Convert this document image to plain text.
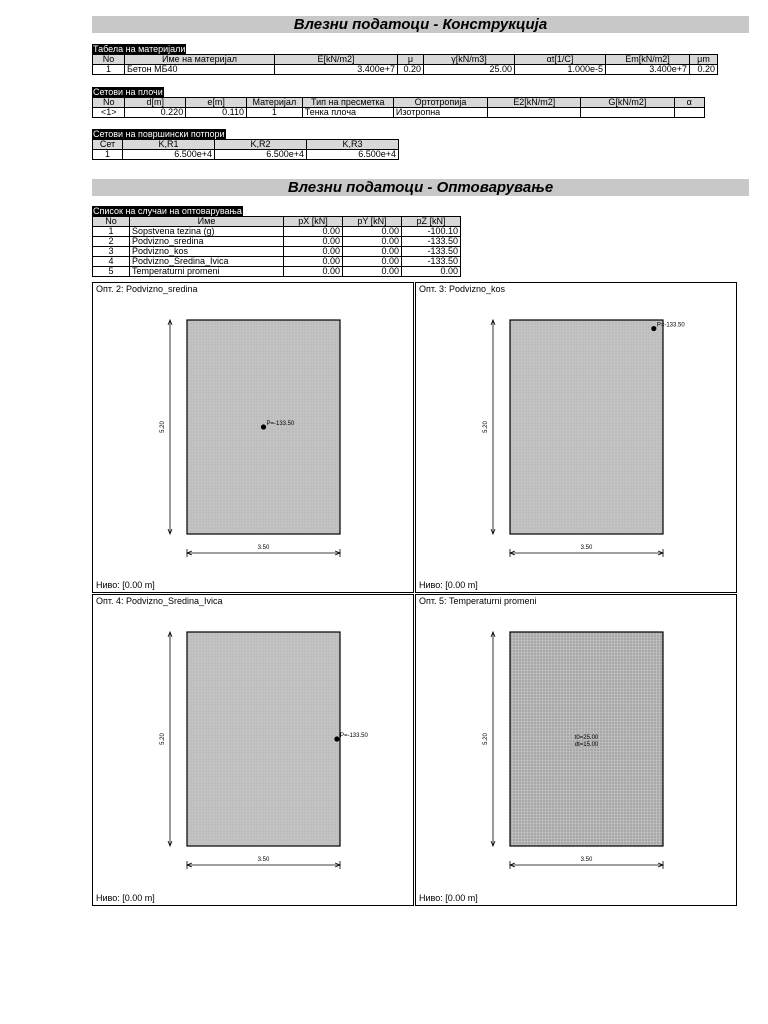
Влезни податоци - Конструкција
Табела на материјали
No	Име на материјал	E[kN/m2]	μ	γ[kN/m3]	αt[1/C]	Em[kN/m2]	μm
1	Бетон МБ40	3.400e+7	0.20	25.00	1.000e-5	3.400e+7	0.20
Сетови на плочи
No	d[m]	e[m]	Материјал	Тип на пресметка	Ортотропија	E2[kN/m2]	G[kN/m2]	α
<1>	0.220	0.110	1	Тенка плоча	Изотропна			
Сетови на површински потпори
Сет	K,R1	K,R2	K,R3
1	6.500e+4	6.500e+4	6.500e+4
Влезни податоци - Оптоварување
Список на случаи на оптоварувања
No	Име	pX [kN]	pY [kN]	pZ [kN]
1	Sopstvena tezina (g)	0.00	0.00	-100.10
2	Podvizno_sredina	0.00	0.00	-133.50
3	Podvizno_kos	0.00	0.00	-133.50
4	Podvizno_Sredina_Ivica	0.00	0.00	-133.50
5	Temperaturni promeni	0.00	0.00	0.00
Опт. 2: Podvizno_sredina
5.20
3.50
P=-133.50
Ниво: [0.00 m]
Опт. 3: Podvizno_kos
5.20
3.50
P=-133.50
Ниво: [0.00 m]
Опт. 4: Podvizno_Sredina_Ivica
5.20
3.50
P=-133.50
Ниво: [0.00 m]
Опт. 5: Temperaturni promeni
5.20
3.50
t0=25.00
dt=15.00
Ниво: [0.00 m]
